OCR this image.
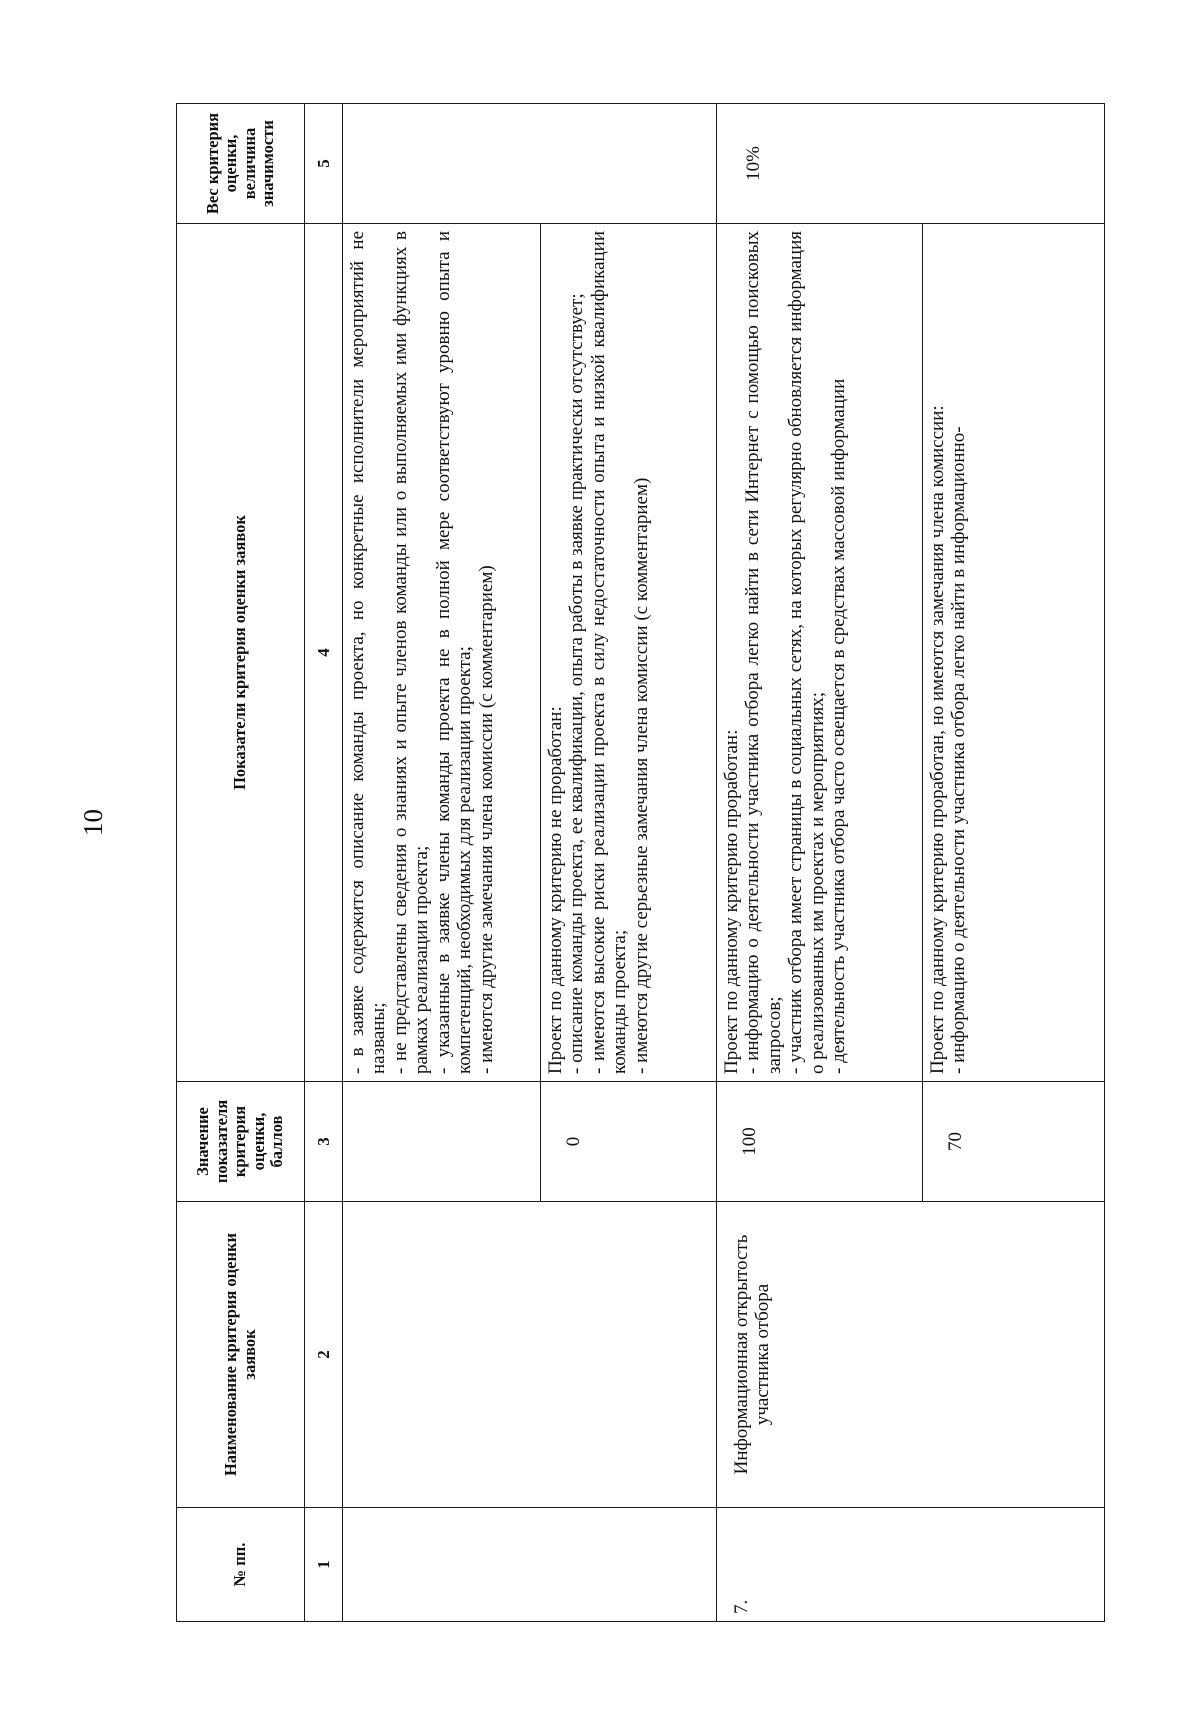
10
№ пп.	Наименование критерия оценки заявок	Значение показателя критерия оценки, баллов	Показатели критерия оценки заявок	Вес критерия оценки, величина значимости
1	2	3	4	5

			- в заявке содержится описание команды проекта, но конкретные исполнители мероприятий не названы; - не представлены сведения о знаниях и опыте членов команды или о выполняемых ими функциях в рамках реализации проекта; - указанные в заявке члены команды проекта не в полной мере соответствуют уровню опыта и компетенций, необходимых для реализации проекта; - имеются другие замечания члена комиссии (с комментарием)	

		0	Проект по данному критерию не проработан: - описание команды проекта, ее квалификации, опыта работы в заявке практически отсутствует; - имеются высокие риски реализации проекта в силу недостаточности опыта и низкой квалификации команды проекта; - имеются другие серьезные замечания члена комиссии (с комментарием)	

7.	Информационная открытость участника отбора	100	Проект по данному критерию проработан: - информацию о деятельности участника отбора легко найти в сети Интернет с помощью поисковых запросов; - участник отбора имеет страницы в социальных сетях, на которых регулярно обновляется информация о реализованных им проектах и мероприятиях; - деятельность участника отбора часто освещается в средствах массовой информации	10%
		70	Проект по данному критерию проработан, но имеются замечания члена комиссии: - информацию о деятельности участника отбора легко найти в информационно-	
